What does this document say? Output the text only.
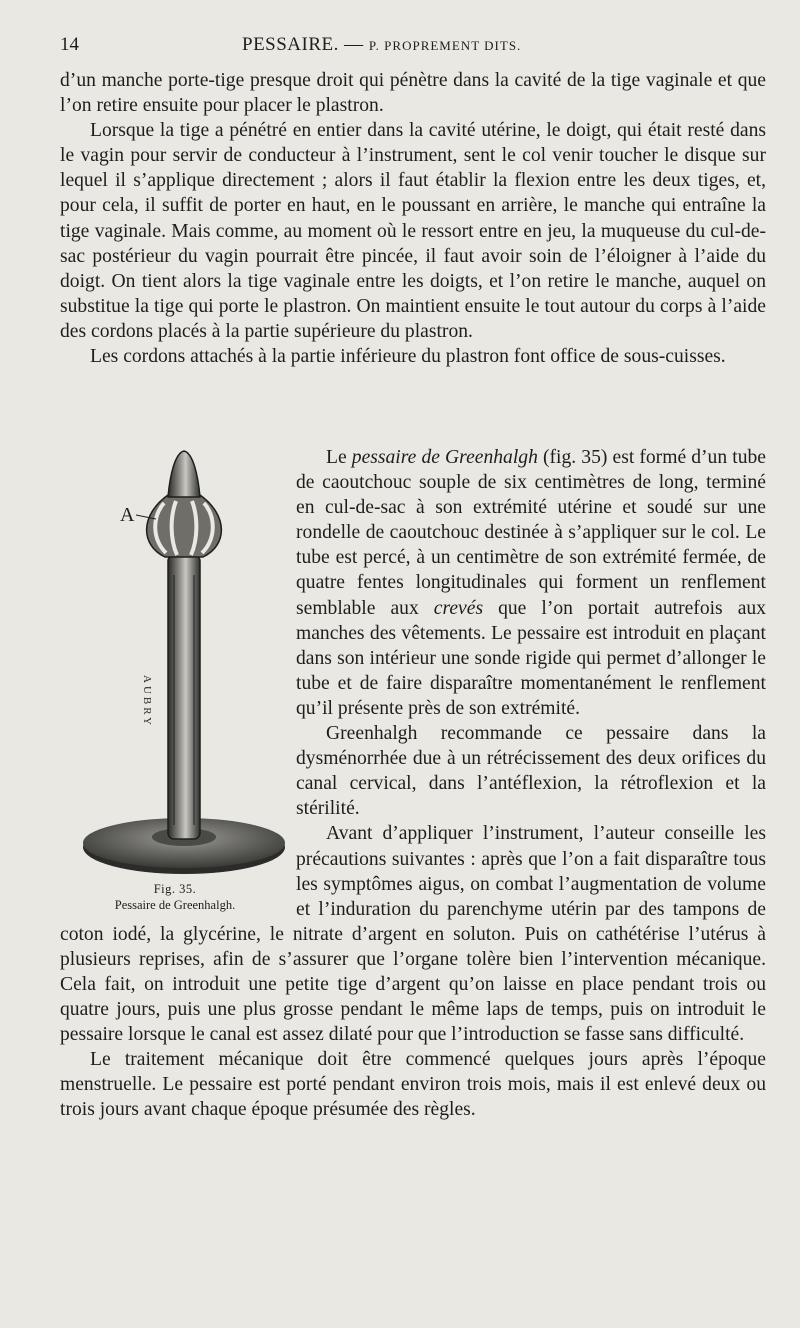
14	PESSAIRE. — P. PROPREMENT DITS.

d’un manche porte-tige presque droit qui pénètre dans la cavité de la tige vaginale et que l’on retire ensuite pour placer le plastron.

Lorsque la tige a pénétré en entier dans la cavité utérine, le doigt, qui était resté dans le vagin pour servir de conducteur à l’instrument, sent le col venir toucher le disque sur lequel il s’applique directement ; alors il faut établir la flexion entre les deux tiges, et, pour cela, il suffit de porter en haut, en le poussant en arrière, le manche qui entraîne la tige vaginale. Mais comme, au moment où le ressort entre en jeu, la muqueuse du cul-de-sac postérieur du vagin pourrait être pincée, il faut avoir soin de l’éloigner à l’aide du doigt. On tient alors la tige vaginale entre les doigts, et l’on retire le manche, auquel on substitue la tige qui porte le plastron. On maintient ensuite le tout autour du corps à l’aide des cordons placés à la partie supérieure du plastron.

Les cordons attachés à la partie inférieure du plastron font office de sous-cuisses.

A
AUBRY
Fig. 35.
Pessaire de Greenhalgh.

Le pessaire de Greenhalgh (fig. 35) est formé d’un tube de caoutchouc souple de six centimètres de long, terminé en cul-de-sac à son extrémité utérine et soudé sur une rondelle de caoutchouc destinée à s’appliquer sur le col. Le tube est percé, à un centimètre de son extrémité fermée, de quatre fentes longitudinales qui forment un renflement semblable aux crevés que l’on portait autrefois aux manches des vêtements. Le pessaire est introduit en plaçant dans son intérieur une sonde rigide qui permet d’allonger le tube et de faire disparaître momentanément le renflement qu’il présente près de son extrémité.

Greenhalgh recommande ce pessaire dans la dysménorrhée due à un rétrécissement des deux orifices du canal cervical, dans l’antéflexion, la rétroflexion et la stérilité.

Avant d’appliquer l’instrument, l’auteur conseille les précautions suivantes : après que l’on a fait disparaître tous les symptômes aigus, on combat l’augmentation de volume et l’induration du parenchyme utérin par des tampons de coton iodé, la glycérine, le nitrate d’argent en soluton. Puis on cathétérise l’utérus à plusieurs reprises, afin de s’assurer que l’organe tolère bien l’intervention mécanique. Cela fait, on introduit une petite tige d’argent qu’on laisse en place pendant trois ou quatre jours, puis une plus grosse pendant le même laps de temps, puis on introduit le pessaire lorsque le canal est assez dilaté pour que l’introduction se fasse sans difficulté.

Le traitement mécanique doit être commencé quelques jours après l’époque menstruelle. Le pessaire est porté pendant environ trois mois, mais il est enlevé deux ou trois jours avant chaque époque présumée des règles.
